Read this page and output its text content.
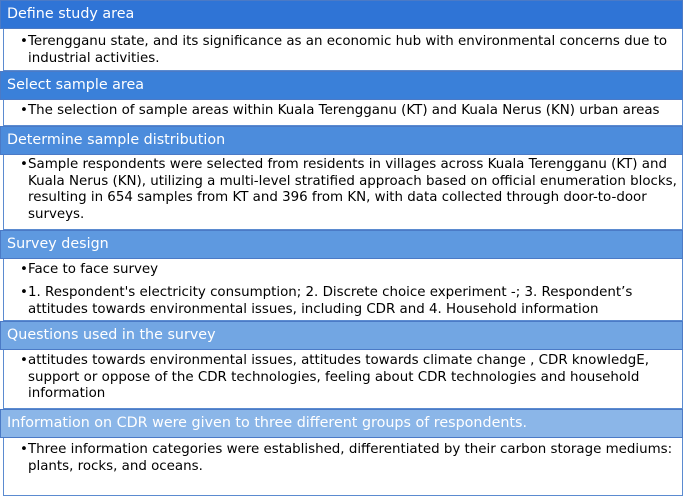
Define study area
• Terengganu state, and its significance as an economic hub with environmental concerns due to industrial activities.
Select sample area
• The selection of sample areas within Kuala Terengganu (KT) and Kuala Nerus (KN) urban areas
Determine sample distribution
• Sample respondents were selected from residents in villages across Kuala Terengganu (KT) and Kuala Nerus (KN), utilizing a multi-level stratified approach based on official enumeration blocks, resulting in 654 samples from KT and 396 from KN, with data collected through door-to-door surveys.
Survey design
• Face to face survey
• 1. Respondent's electricity consumption; 2. Discrete choice experiment -; 3. Respondent’s attitudes towards environmental issues, including CDR and 4. Household information
Questions used in the survey
• attitudes towards environmental issues, attitudes towards climate change , CDR knowledgE, support or oppose of the CDR technologies, feeling about CDR technologies and household information
Information on CDR were given to three different groups of respondents.
• Three information categories were established, differentiated by their carbon storage mediums: plants, rocks, and oceans.
